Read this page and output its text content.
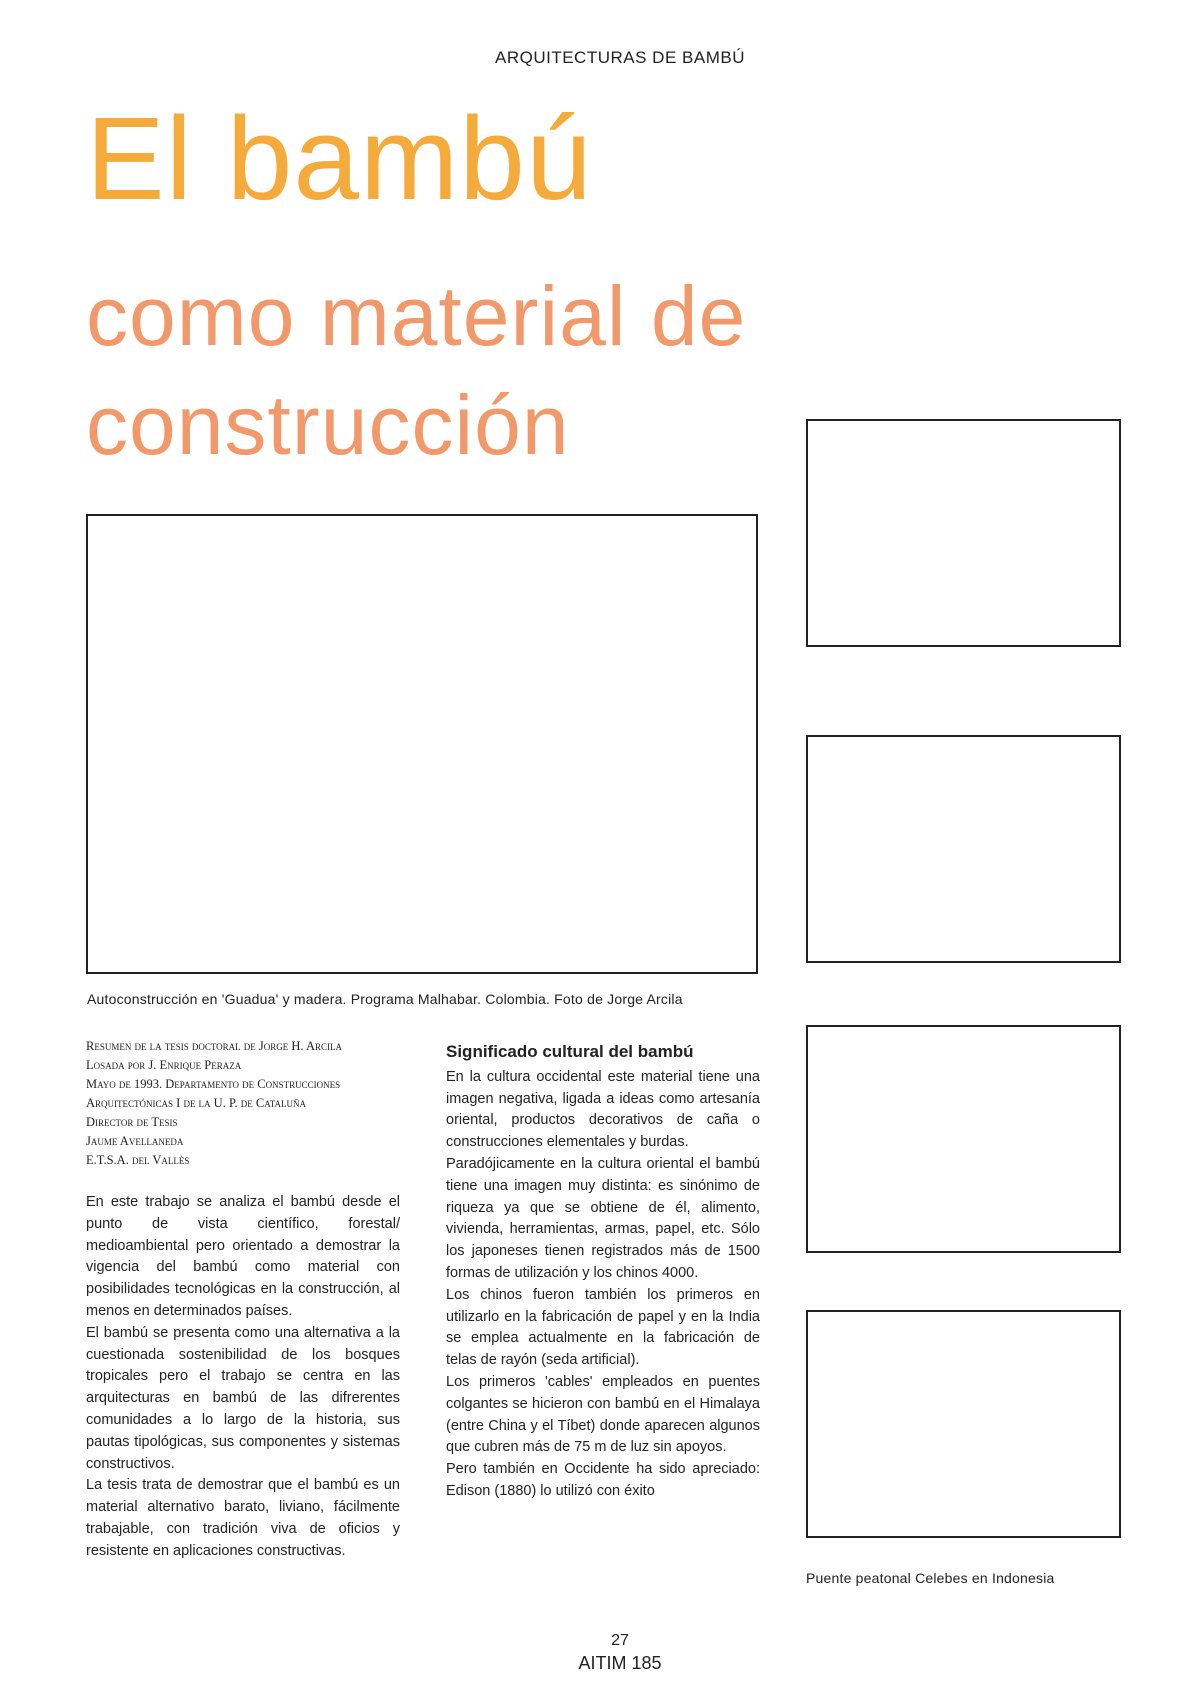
ARQUITECTURAS DE BAMBÚ
El bambú
como material de
construcción
Autoconstrucción en 'Guadua' y madera. Programa Malhabar. Colombia. Foto de Jorge Arcila
Puente peatonal Celebes en Indonesia
Resumen de la tesis doctoral de Jorge H. Arcila
Losada por J. Enrique Peraza
Mayo de 1993. Departamento de Construcciones
Arquitectónicas I de la U. P. de Cataluña
Director de Tesis
Jaume Avellaneda
E.T.S.A. del Vallès

En este trabajo se analiza el bambú desde el punto de vista científico, forestal/ medioambiental pero orientado a demostrar la vigencia del bambú como material con posibilidades tecnológicas en la construcción, al menos en determinados países.

El bambú se presenta como una alternativa a la cuestionada sostenibilidad de los bosques tropicales pero el trabajo se centra en las arquitecturas en bambú de las difrerentes comunidades a lo largo de la historia, sus pautas tipológicas, sus componentes y sistemas constructivos.

La tesis trata de demostrar que el bambú es un material alternativo barato, liviano, fácilmente trabajable, con tradición viva de oficios y resistente en aplicaciones constructivas.

Significado cultural del bambú

En la cultura occidental este material tiene una imagen negativa, ligada a ideas como artesanía oriental, productos decorativos de caña o construcciones elementales y burdas.

Paradójicamente en la cultura oriental el bambú tiene una imagen muy distinta: es sinónimo de riqueza ya que se obtiene de él, alimento, vivienda, herramientas, armas, papel, etc. Sólo los japoneses tienen registrados más de 1500 formas de utilización y los chinos 4000.

Los chinos fueron también los primeros en utilizarlo en la fabricación de papel y en la India se emplea actualmente en la fabricación de telas de rayón (seda artificial).

Los primeros 'cables' empleados en puentes colgantes se hicieron con bambú en el Himalaya (entre China y el Tíbet) donde aparecen algunos que cubren más de 75 m de luz sin apoyos.

Pero también en Occidente ha sido apreciado: Edison (1880) lo utilizó con éxito

27
AITIM 185
